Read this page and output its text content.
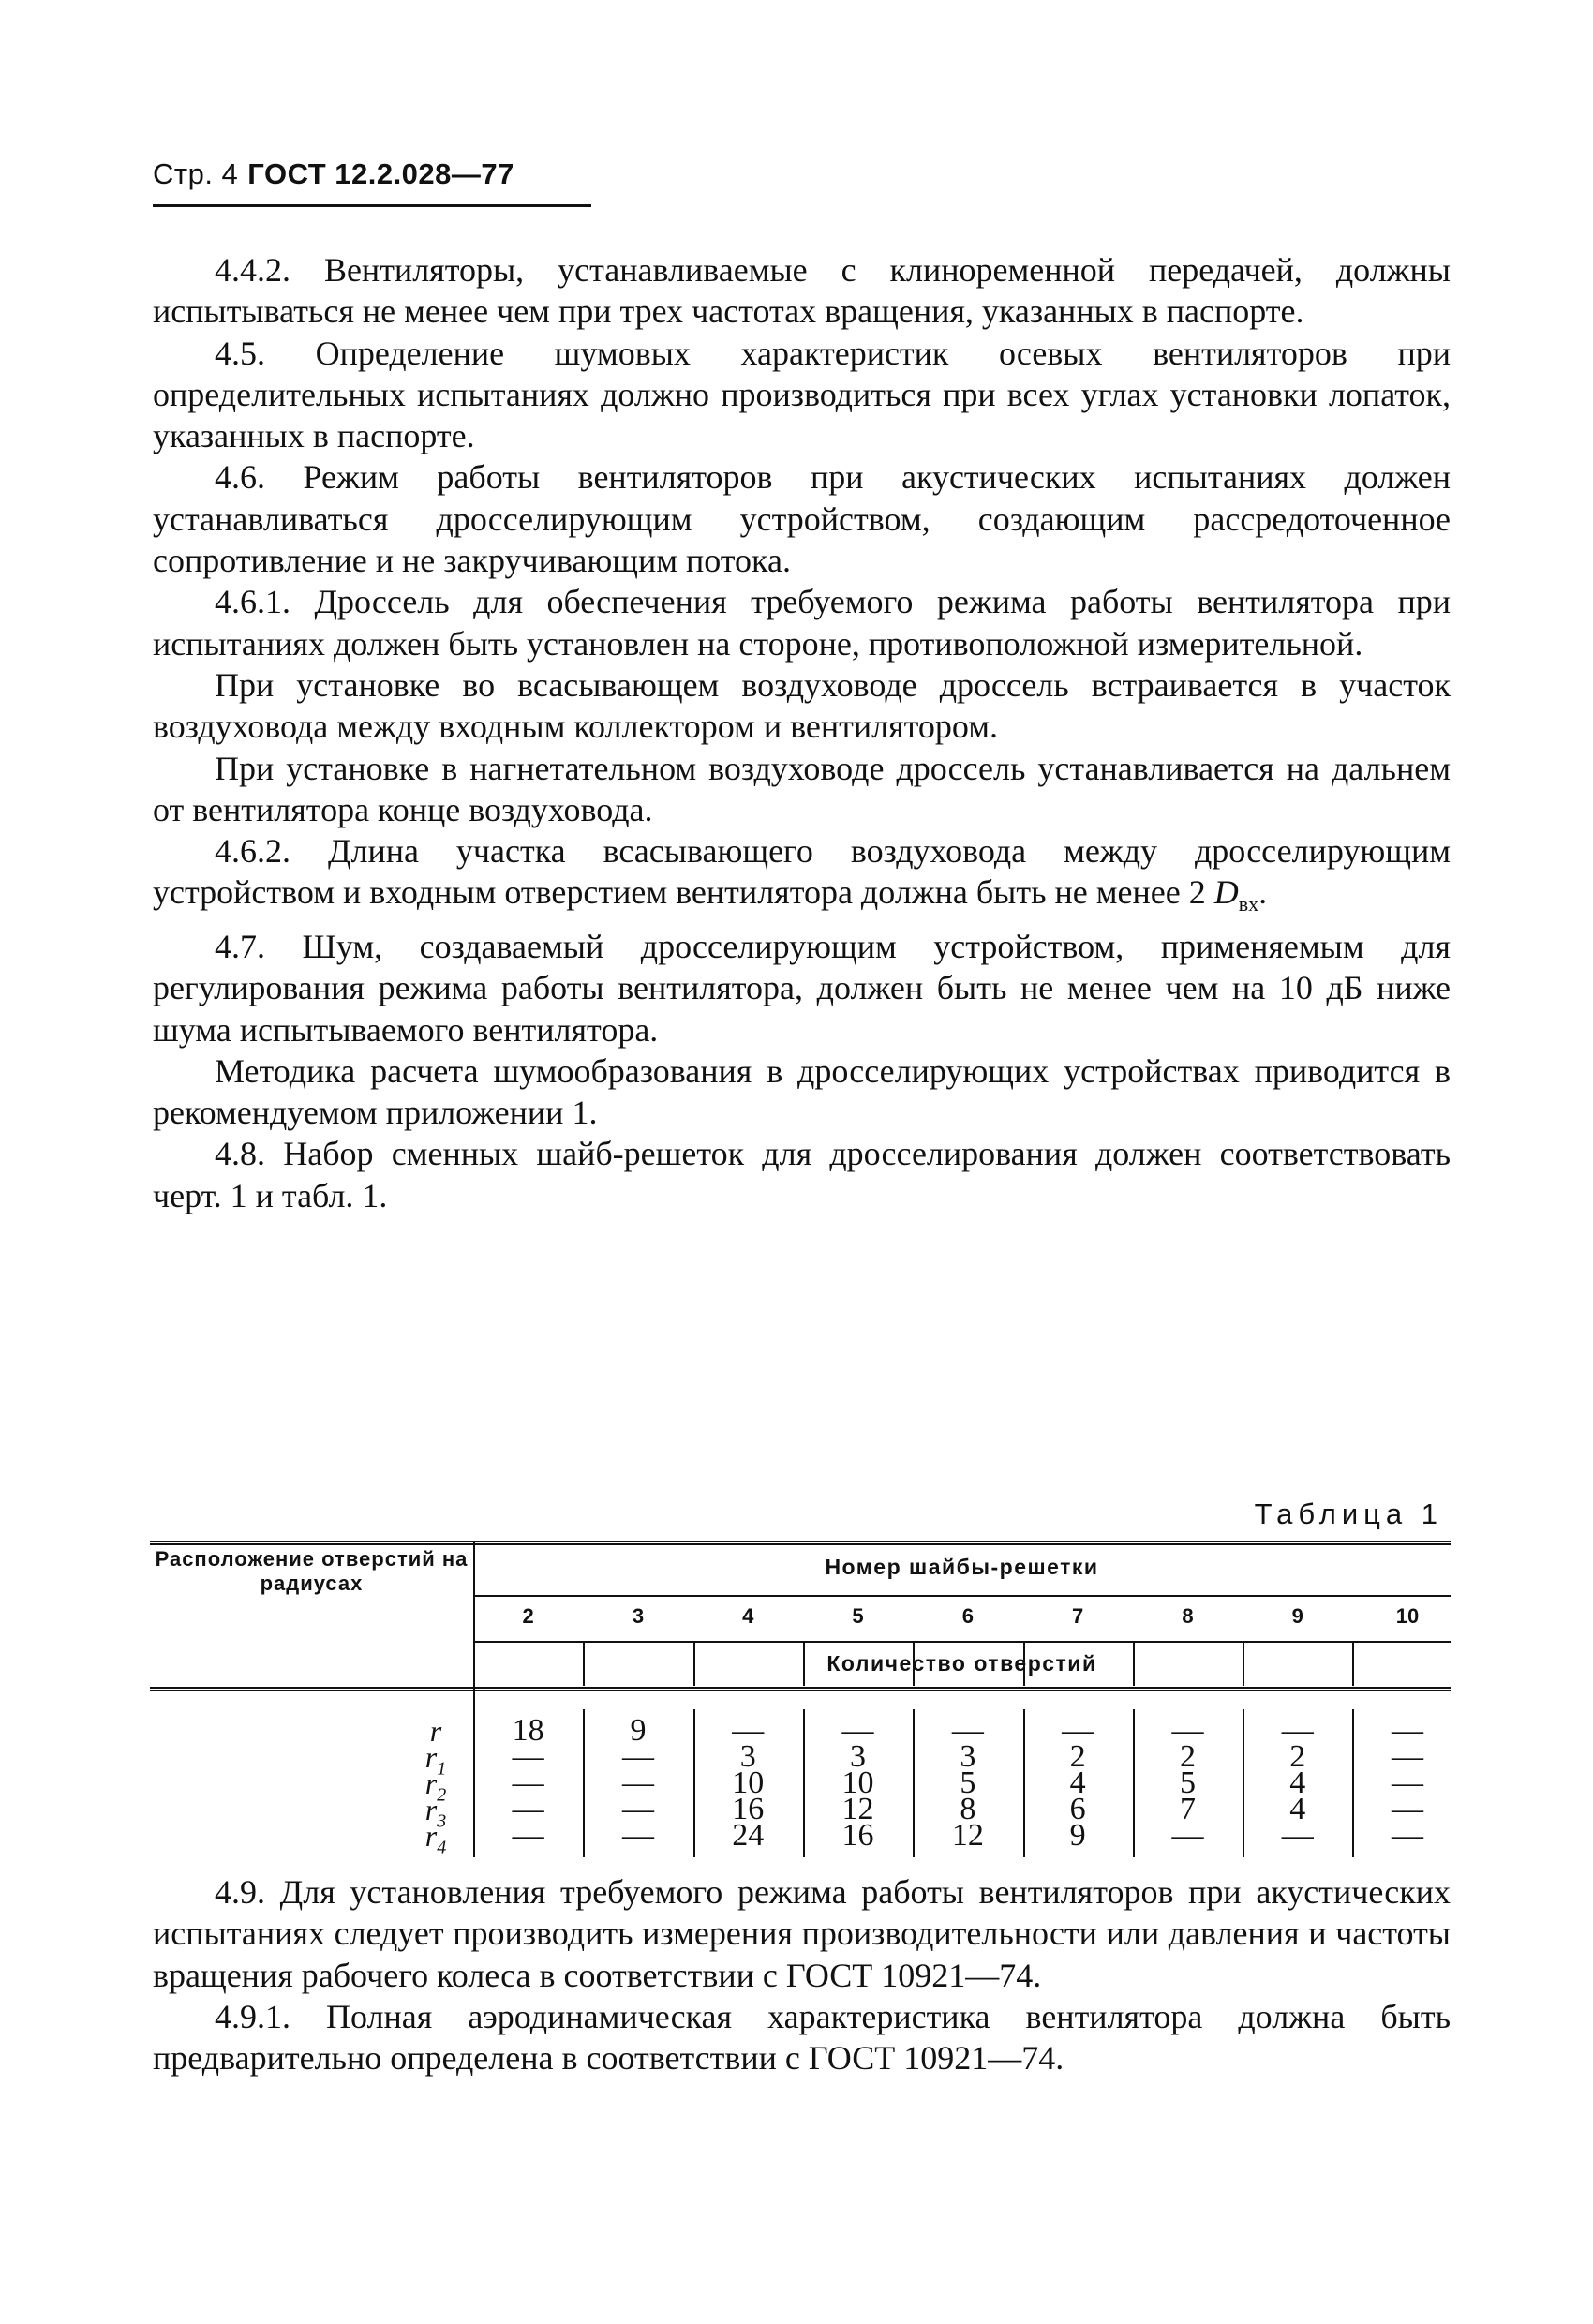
Стр. 4 ГОСТ 12.2.028—77

4.4.2. Вентиляторы, устанавливаемые с клиноременной передачей, должны испытываться не менее чем при трех частотах вращения, указанных в паспорте.

4.5. Определение шумовых характеристик осевых вентиляторов при определительных испытаниях должно производиться при всех углах установки лопаток, указанных в паспорте.

4.6. Режим работы вентиляторов при акустических испытаниях должен устанавливаться дросселирующим устройством, создающим рассредоточенное сопротивление и не закручивающим потока.

4.6.1. Дроссель для обеспечения требуемого режима работы вентилятора при испытаниях должен быть установлен на стороне, противоположной измерительной.

При установке во всасывающем воздуховоде дроссель встраивается в участок воздуховода между входным коллектором и вентилятором.

При установке в нагнетательном воздуховоде дроссель устанавливается на дальнем от вентилятора конце воздуховода.

4.6.2. Длина участка всасывающего воздуховода между дросселирующим устройством и входным отверстием вентилятора должна быть не менее 2 $D_{вх}$.

4.7. Шум, создаваемый дросселирующим устройством, применяемым для регулирования режима работы вентилятора, должен быть не менее чем на 10 дБ ниже шума испытываемого вентилятора.

Методика расчета шумообразования в дросселирующих устройствах приводится в рекомендуемом приложении 1.

4.8. Набор сменных шайб-решеток для дросселирования должен соответствовать черт. 1 и табл. 1.

Таблица 1
Расположение отверстий на радиусах
Номер шайбы-решетки
Количество отверстий
2	3	4	5	6	7	8	9	10
r	18	9	—	—	—	—	—	—	—
$r_1$	—	—	3	3	3	2	2	2	—
$r_2$	—	—	10	10	5	4	5	4	—
$r_3$	—	—	16	12	8	6	7	4	—
$r_4$	—	—	24	16	12	9	—	—	—

4.9. Для установления требуемого режима работы вентиляторов при акустических испытаниях следует производить измерения производительности или давления и частоты вращения рабочего колеса в соответствии с ГОСТ 10921—74.

4.9.1. Полная аэродинамическая характеристика вентилятора должна быть предварительно определена в соответствии с ГОСТ 10921—74.
